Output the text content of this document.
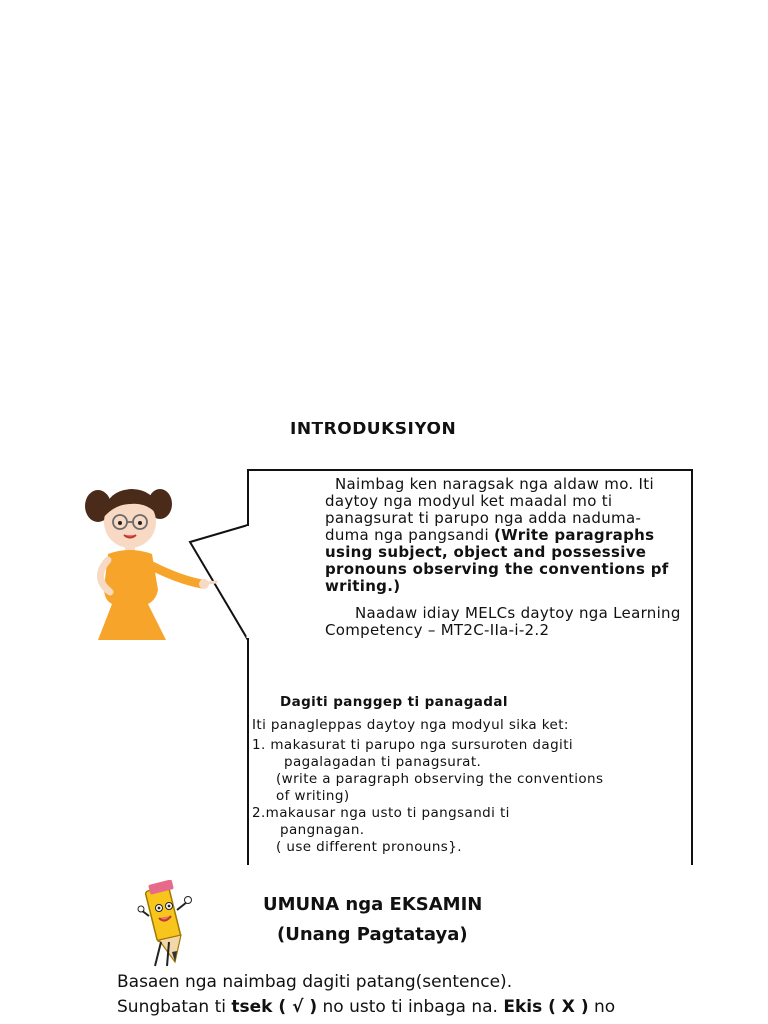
INTRODUKSIYON

Naimbag ken naragsak nga aldaw mo. Iti daytoy nga modyul ket maadal mo ti panagsurat ti parupo nga adda naduma-duma nga pangsandi (Write paragraphs using subject, object and possessive pronouns observing the conventions pf writing.)

Naadaw idiay MELCs daytoy nga Learning Competency – MT2C-IIa-i-2.2

Dagiti panggep ti panagadal
Iti panagleppas daytoy nga modyul sika ket:
1. makasurat ti parupo nga sursuroten dagiti
pagalagadan ti panagsurat.
(write a paragraph observing the conventions
of writing)
2.makausar nga usto ti pangsandi ti
pangnagan.
( use different pronouns}.
UMUNA nga EKSAMIN
(Unang Pagtataya)
Basaen nga naimbag dagiti patang(sentence).
Sungbatan ti tsek ( √ ) no usto ti inbaga na. Ekis ( X ) no
